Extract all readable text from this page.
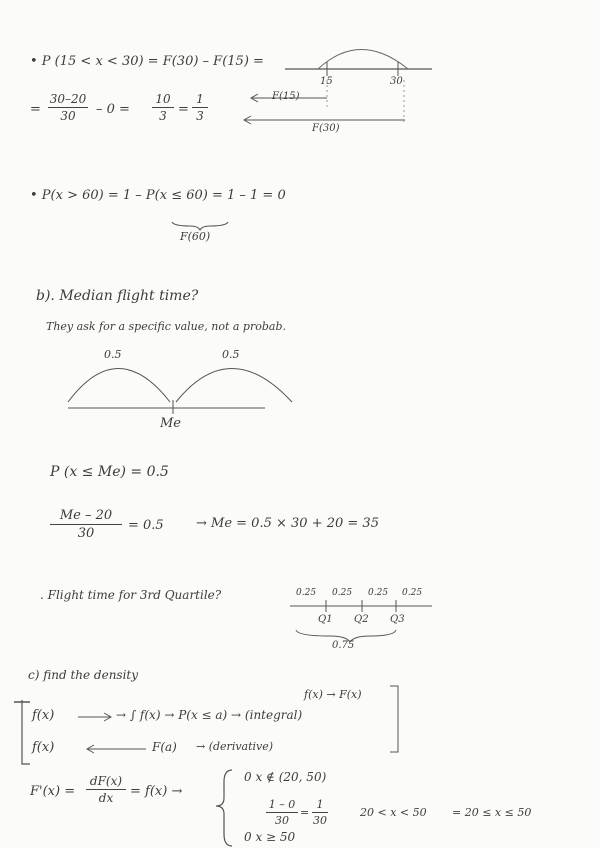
• P (15 < x < 30) = F(30) – F(15) =
15	30
F(15)
F(30)
=
30–20
30	– 0 =
10
3 =
1
3
• P(x > 60) = 1 – P(x ≤ 60) = 1 – 1 = 0
F(60)
b). Median flight time?
They ask for a specific value, not a probab.
0.5	0.5
Me
P (x ≤ Me) = 0.5
Me – 20
30
= 0.5 → Me = 0.5 × 30 + 20 = 35
. Flight time for 3rd Quartile?	0.25 0.25 0.25 0.25
Q1 Q2 Q3
0.75
c) find the density
f(x)	→ ∫ f(x) → P(x ≤ a) → (integral)
f(x) → F(x)
f(x)	F(a) → (derivative)
F'(x) =
dF(x)
dx	= f(x) →
0 x ∉ (20, 50)
1 – 0
30
=
1
30
20 < x < 50 = 20 ≤ x ≤ 50
0 x ≥ 50
